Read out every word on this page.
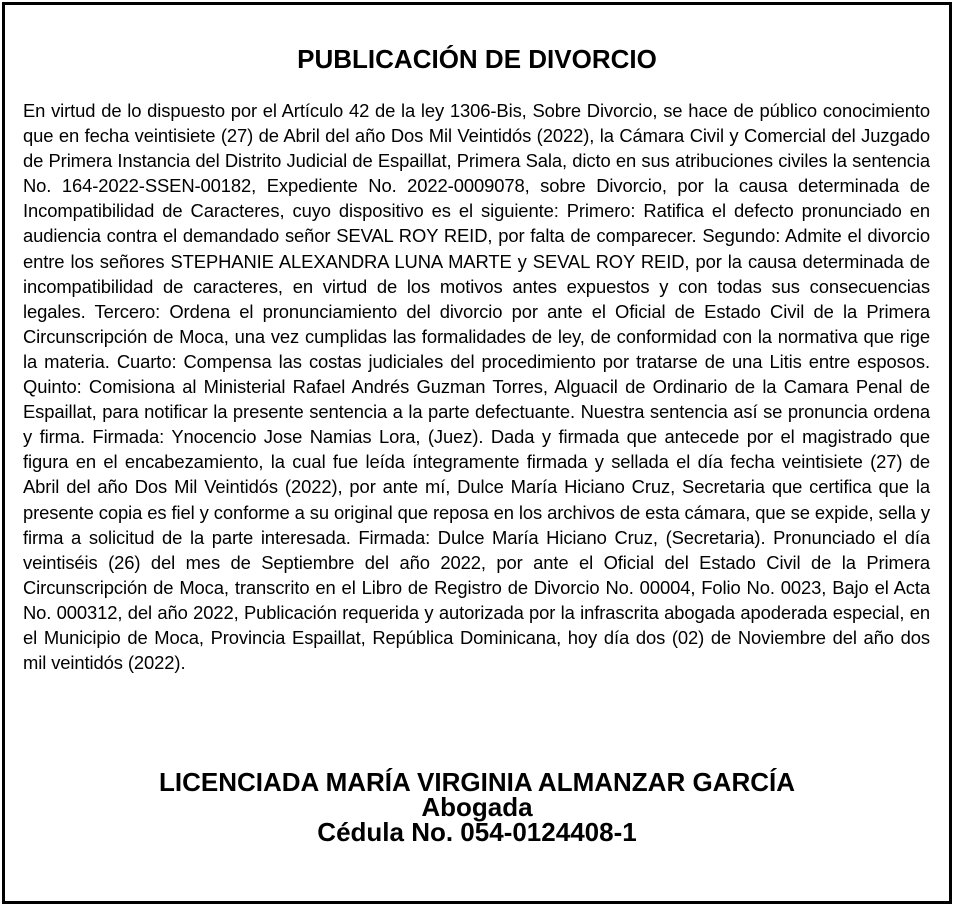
PUBLICACIÓN DE DIVORCIO

En virtud de lo dispuesto por el Artículo 42 de la ley 1306-Bis, Sobre Divorcio, se hace de público conocimiento que en fecha veintisiete (27) de Abril del año Dos Mil Veintidós (2022), la Cámara Civil y Comercial del Juzgado de Primera Instancia del Distrito Judicial de Espaillat, Primera Sala, dicto en sus atribuciones civiles la sentencia No. 164-2022-SSEN-00182, Expediente No. 2022-0009078, sobre Divorcio, por la causa determinada de Incompatibilidad de Caracteres, cuyo dispositivo es el siguiente: Primero: Ratifica el defecto pronunciado en audiencia contra el demandado señor SEVAL ROY REID, por falta de comparecer. Segundo: Admite el divorcio entre los señores STEPHANIE ALEXANDRA LUNA MARTE y SEVAL ROY REID, por la causa determinada de incompatibilidad de caracteres, en virtud de los motivos antes expuestos y con todas sus consecuencias legales. Tercero: Ordena el pronunciamiento del divorcio por ante el Oficial de Estado Civil de la Primera Circunscripción de Moca, una vez cumplidas las formalidades de ley, de conformidad con la normativa que rige la materia. Cuarto: Compensa las costas judiciales del procedimiento por tratarse de una Litis entre esposos. Quinto: Comisiona al Ministerial Rafael Andrés Guzman Torres, Alguacil de Ordinario de la Camara Penal de Espaillat, para notificar la presente sentencia a la parte defectuante. Nuestra sentencia así se pronuncia ordena y firma. Firmada: Ynocencio Jose Namias Lora, (Juez). Dada y firmada que antecede por el magistrado que figura en el encabezamiento, la cual fue leída íntegramente firmada y sellada el día fecha veintisiete (27) de Abril del año Dos Mil Veintidós (2022), por ante mí, Dulce María Hiciano Cruz, Secretaria que certifica que la presente copia es fiel y conforme a su original que reposa en los archivos de esta cámara, que se expide, sella y firma a solicitud de la parte interesada. Firmada: Dulce María Hiciano Cruz, (Secretaria). Pronunciado el día veintiséis (26) del mes de Septiembre del año 2022, por ante el Oficial del Estado Civil de la Primera Circunscripción de Moca, transcrito en el Libro de Registro de Divorcio No. 00004, Folio No. 0023, Bajo el Acta No. 000312, del año 2022, Publicación requerida y autorizada por la infrascrita abogada apoderada especial, en el Municipio de Moca, Provincia Espaillat, República Dominicana, hoy día dos (02) de Noviembre del año dos mil veintidós (2022).

LICENCIADA MARÍA VIRGINIA ALMANZAR GARCÍA
Abogada
Cédula No. 054-0124408-1
